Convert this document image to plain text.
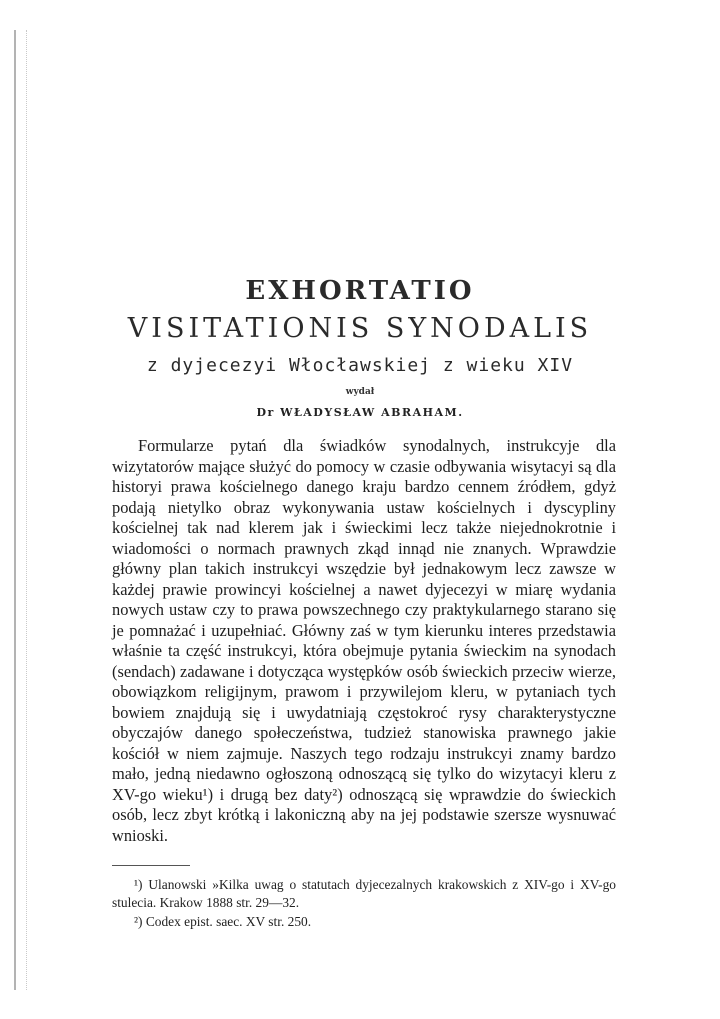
EXHORTATIO
VISITATIONIS SYNODALIS
z dyjecezyi Włocławskiej z wieku XIV
wydał
Dr WŁADYSŁAW ABRAHAM.

Formularze pytań dla świadków synodalnych, instrukcyje dla wizytatorów mające służyć do pomocy w czasie odbywania wisytacyi są dla historyi prawa kościelnego danego kraju bardzo cennem źródłem, gdyż podają nietylko obraz wykonywania ustaw kościelnych i dyscypliny kościelnej tak nad klerem jak i świeckimi lecz także niejednokrotnie i wiadomości o normach prawnych zkąd innąd nie znanych. Wprawdzie główny plan takich instrukcyi wszędzie był jednakowym lecz zawsze w każdej prawie prowincyi kościelnej a nawet dyjecezyi w miarę wydania nowych ustaw czy to prawa powszechnego czy praktykularnego starano się je pomnażać i uzupełniać. Główny zaś w tym kierunku interes przedstawia właśnie ta część instrukcyi, która obejmuje pytania świeckim na synodach (sendach) zadawane i dotycząca występków osób świeckich przeciw wierze, obowiązkom religijnym, prawom i przywilejom kleru, w pytaniach tych bowiem znajdują się i uwydatniają częstokroć rysy charakterystyczne obyczajów danego społeczeństwa, tudzież stanowiska prawnego jakie kościół w niem zajmuje. Naszych tego rodzaju instrukcyi znamy bardzo mało, jedną niedawno ogłoszoną odnoszącą się tylko do wizytacyi kleru z XV-go wieku¹) i drugą bez daty²) odnoszącą się wprawdzie do świeckich osób, lecz zbyt krótką i lakoniczną aby na jej podstawie szersze wysnuwać wnioski.

¹) Ulanowski »Kilka uwag o statutach dyjecezalnych krakowskich z XIV-go i XV-go stulecia. Krakow 1888 str. 29—32.

²) Codex epist. saec. XV str. 250.
